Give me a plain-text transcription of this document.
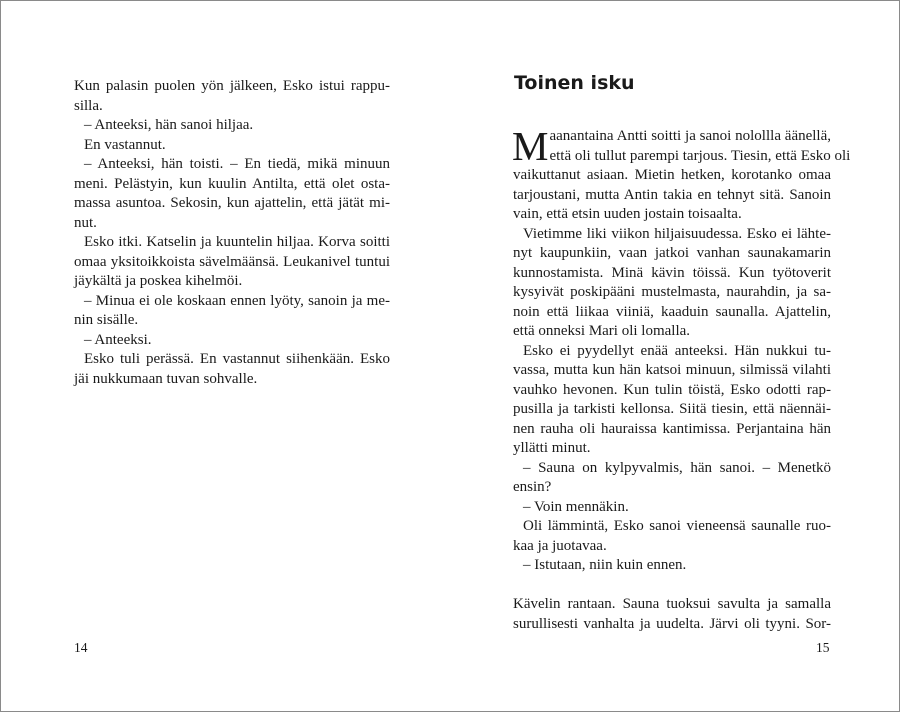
Kun palasin puolen yön jälkeen, Esko istui rappu-
silla.
– Anteeksi, hän sanoi hiljaa.
En vastannut.
– Anteeksi, hän toisti. – En tiedä, mikä minuun
meni. Pelästyin, kun kuulin Antilta, että olet osta-
massa asuntoa. Sekosin, kun ajattelin, että jätät mi-
nut.
Esko itki. Katselin ja kuuntelin hiljaa. Korva soitti
omaa yksitoikkoista sävelmäänsä. Leukanivel tuntui
jäykältä ja poskea kihelmöi.
– Minua ei ole koskaan ennen lyöty, sanoin ja me-
nin sisälle.
– Anteeksi.
Esko tuli perässä. En vastannut siihenkään. Esko
jäi nukkumaan tuvan sohvalle.
14
Toinen isku
M aanantaina Antti soitti ja sanoi nolollla äänellä,
että oli tullut parempi tarjous. Tiesin, että Esko oli
vaikuttanut asiaan. Mietin hetken, korotanko omaa
tarjoustani, mutta Antin takia en tehnyt sitä. Sanoin
vain, että etsin uuden jostain toisaalta.
Vietimme liki viikon hiljaisuudessa. Esko ei lähte-
nyt kaupunkiin, vaan jatkoi vanhan saunakamarin
kunnostamista. Minä kävin töissä. Kun työtoverit
kysyivät poskipääni mustelmasta, naurahdin, ja sa-
noin että liikaa viiniä, kaaduin saunalla. Ajattelin,
että onneksi Mari oli lomalla.
Esko ei pyydellyt enää anteeksi. Hän nukkui tu-
vassa, mutta kun hän katsoi minuun, silmissä vilahti
vauhko hevonen. Kun tulin töistä, Esko odotti rap-
pusilla ja tarkisti kellonsa. Siitä tiesin, että näennäi-
nen rauha oli hauraissa kantimissa. Perjantaina hän
yllätti minut.
– Sauna on kylpyvalmis, hän sanoi. – Menetkö
ensin?
– Voin mennäkin.
Oli lämmintä, Esko sanoi vieneensä saunalle ruo-
kaa ja juotavaa.
– Istutaan, niin kuin ennen.
Kävelin rantaan. Sauna tuoksui savulta ja samalla
surullisesti vanhalta ja uudelta. Järvi oli tyyni. Sor-
15
